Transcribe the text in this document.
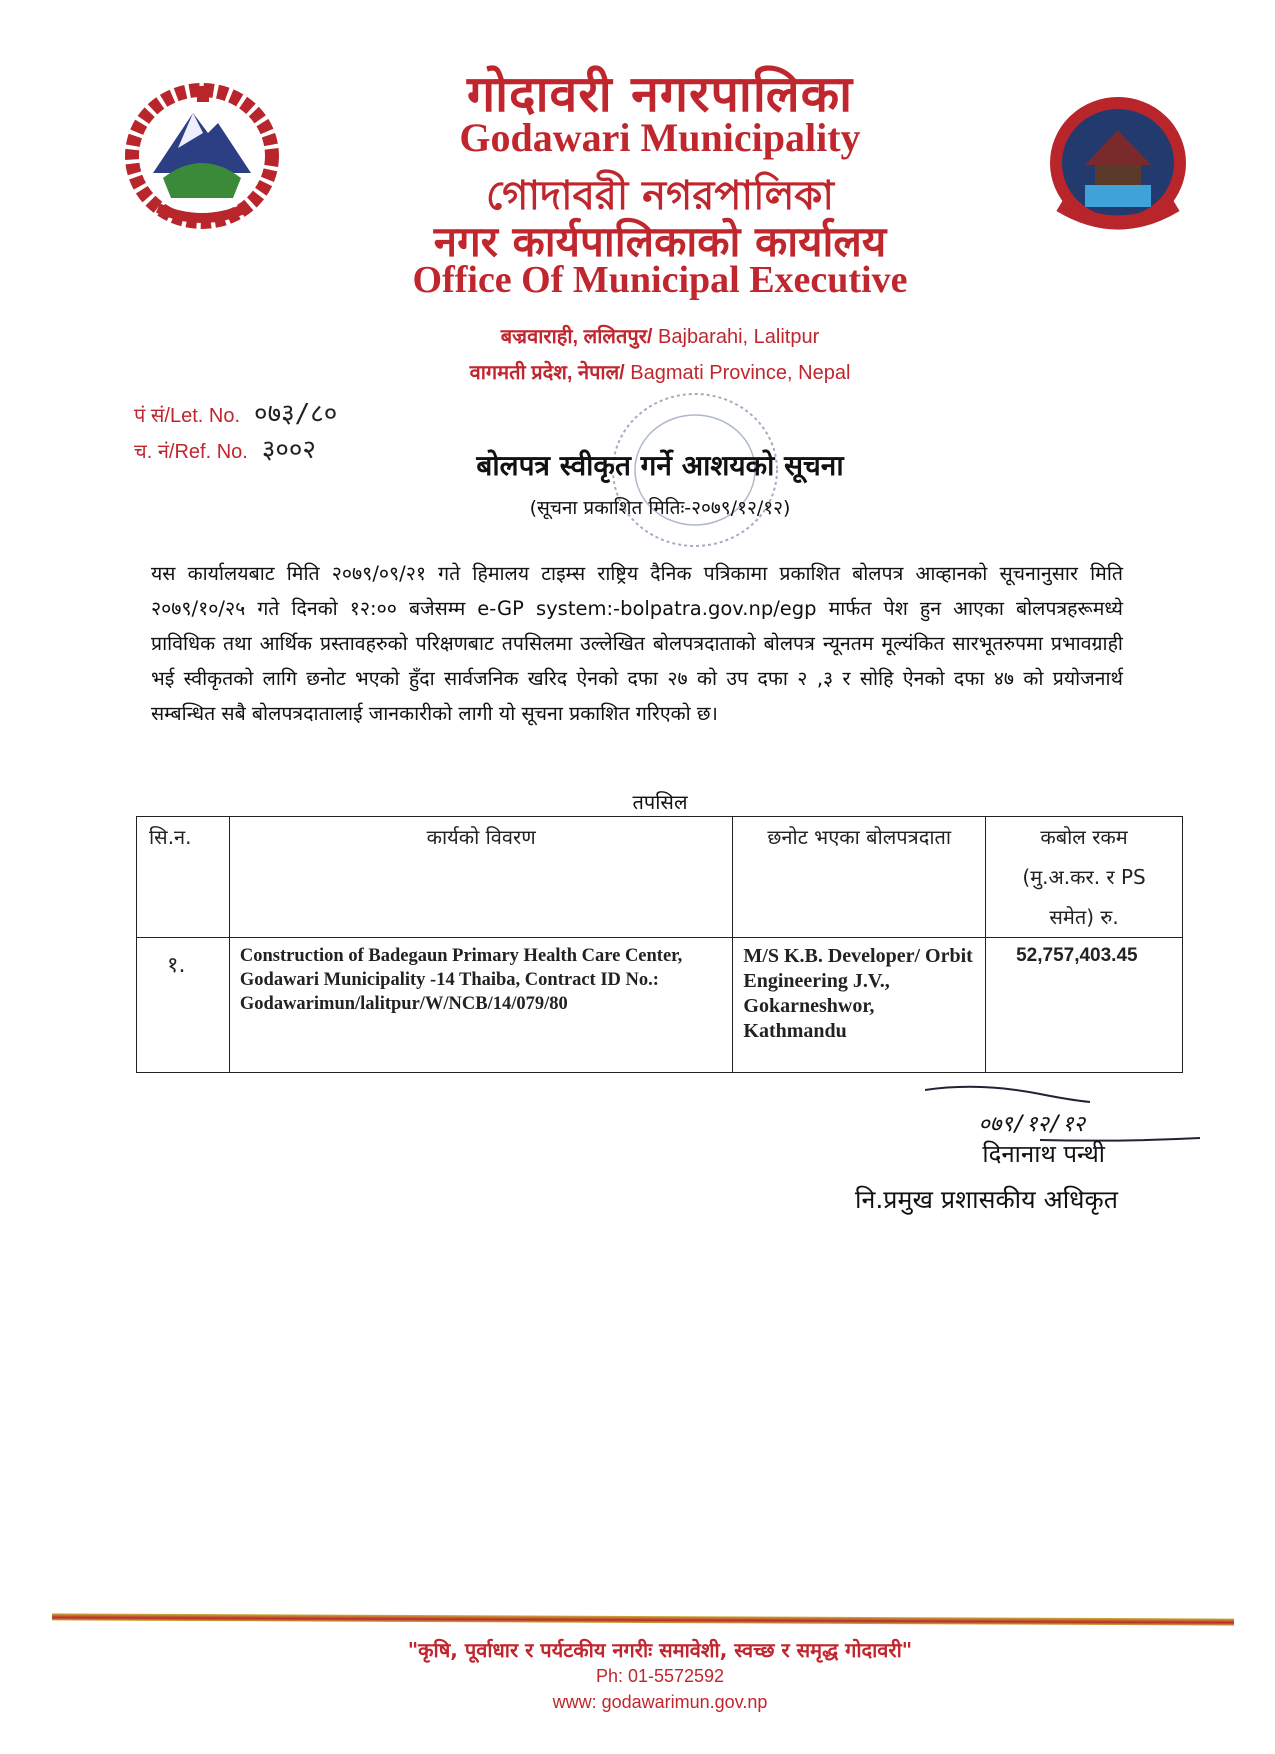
गोदावरी नगरपालिका
Godawari Municipality
গোদাবরী নগরপালিকা
नगर कार्यपालिकाको कार्यालय
Office Of Municipal Executive
बज्रवाराही, ललितपुर/ Bajbarahi, Lalitpur
वागमती प्रदेश, नेपाल/ Bagmati Province, Nepal
पं सं/Let. No. ०७३/८०
च. नं/Ref. No. ३००२	बोलपत्र स्वीकृत गर्ने आशयको सूचना
(सूचना प्रकाशित मितिः-२०७९/१२/१२)
यस कार्यालयबाट मिति २०७९/०९/२१ गते हिमालय टाइम्स राष्ट्रिय दैनिक पत्रिकामा प्रकाशित बोलपत्र आव्हानको सूचनानुसार मिति २०७९/१०/२५ गते दिनको १२:०० बजेसम्म e-GP system:-bolpatra.gov.np/egp मार्फत पेश हुन आएका बोलपत्रहरूमध्ये प्राविधिक तथा आर्थिक प्रस्तावहरुको परिक्षणबाट तपसिलमा उल्लेखित बोलपत्रदाताको बोलपत्र न्यूनतम मूल्यंकित सारभूतरुपमा प्रभावग्राही भई स्वीकृतको लागि छनोट भएको हुँदा सार्वजनिक खरिद ऐनको दफा २७ को उप दफा २ ,३ र सोहि ऐनको दफा ४७ को प्रयोजनार्थ सम्बन्धित सबै बोलपत्रदातालाई जानकारीको लागी यो सूचना प्रकाशित गरिएको छ।
तपसिल
सि.न.	कार्यको विवरण	छनोट भएका बोलपत्रदाता	कबोल रकम (मु.अ.कर. र PS समेत) रु.
१.	Construction of Badegaun Primary Health Care Center, Godawari Municipality -14 Thaiba, Contract ID No.: Godawarimun/lalitpur/W/NCB/14/079/80	M/S K.B. Developer/ Orbit Engineering J.V., Gokarneshwor, Kathmandu	52,757,403.45
०७९/१२/१२
दिनानाथ पन्थी
नि.प्रमुख प्रशासकीय अधिकृत
"कृषि, पूर्वाधार र पर्यटकीय नगरीः समावेशी, स्वच्छ र समृद्ध गोदावरी"
Ph: 01-5572592
www: godawarimun.gov.np
